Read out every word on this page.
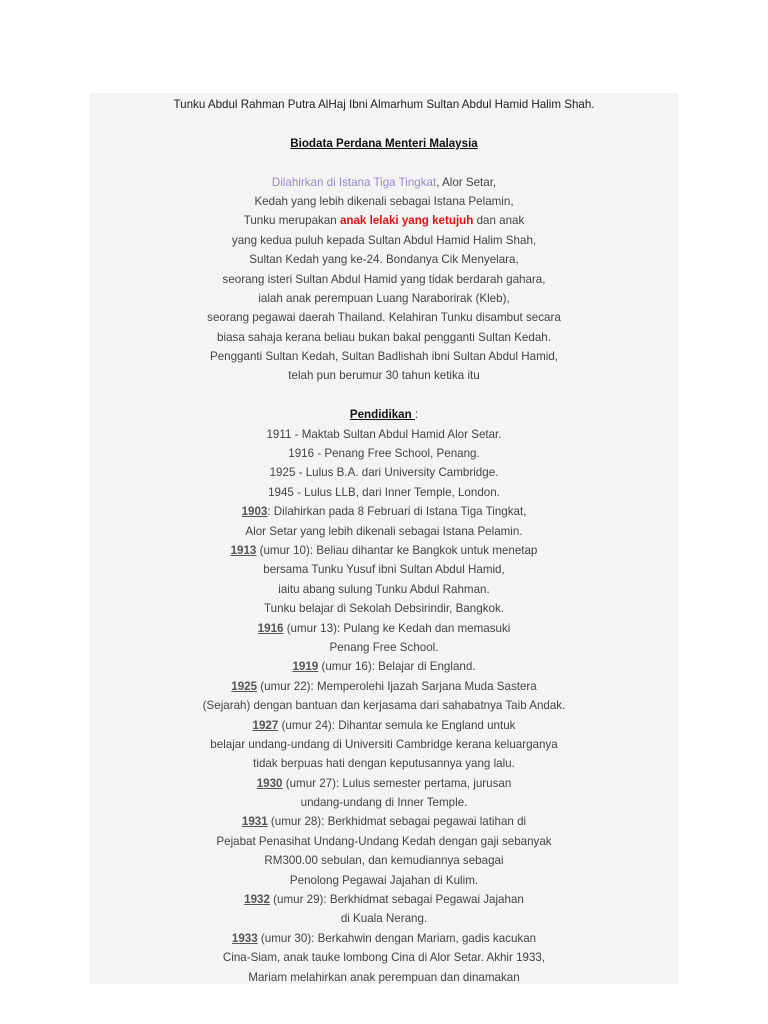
Tunku Abdul Rahman Putra AlHaj Ibni Almarhum Sultan Abdul Hamid Halim Shah.
Biodata Perdana Menteri Malaysia
Dilahirkan di Istana Tiga Tingkat, Alor Setar,
Kedah yang lebih dikenali sebagai Istana Pelamin,
Tunku merupakan anak lelaki yang ketujuh dan anak
yang kedua puluh kepada Sultan Abdul Hamid Halim Shah,
Sultan Kedah yang ke-24. Bondanya Cik Menyelara,
seorang isteri Sultan Abdul Hamid yang tidak berdarah gahara,
ialah anak perempuan Luang Naraborirak (Kleb),
seorang pegawai daerah Thailand. Kelahiran Tunku disambut secara
biasa sahaja kerana beliau bukan bakal pengganti Sultan Kedah.
Pengganti Sultan Kedah, Sultan Badlishah ibni Sultan Abdul Hamid,
telah pun berumur 30 tahun ketika itu
Pendidikan :
1911 - Maktab Sultan Abdul Hamid Alor Setar.
1916 - Penang Free School, Penang.
1925 - Lulus B.A. dari University Cambridge.
1945 - Lulus LLB, dari Inner Temple, London.
1903: Dilahirkan pada 8 Februari di Istana Tiga Tingkat,
Alor Setar yang lebih dikenali sebagai Istana Pelamin.
1913 (umur 10): Beliau dihantar ke Bangkok untuk menetap
bersama Tunku Yusuf ibni Sultan Abdul Hamid,
iaitu abang sulung Tunku Abdul Rahman.
Tunku belajar di Sekolah Debsirindir, Bangkok.
1916 (umur 13): Pulang ke Kedah dan memasuki
Penang Free School.
1919 (umur 16): Belajar di England.
1925 (umur 22): Memperolehi Ijazah Sarjana Muda Sastera
(Sejarah) dengan bantuan dan kerjasama dari sahabatnya Taib Andak.
1927 (umur 24): Dihantar semula ke England untuk
belajar undang-undang di Universiti Cambridge kerana keluarganya
tidak berpuas hati dengan keputusannya yang lalu.
1930 (umur 27): Lulus semester pertama, jurusan
undang-undang di Inner Temple.
1931 (umur 28): Berkhidmat sebagai pegawai latihan di
Pejabat Penasihat Undang-Undang Kedah dengan gaji sebanyak
RM300.00 sebulan, dan kemudiannya sebagai
Penolong Pegawai Jajahan di Kulim.
1932 (umur 29): Berkhidmat sebagai Pegawai Jajahan
di Kuala Nerang.
1933 (umur 30): Berkahwin dengan Mariam, gadis kacukan
Cina-Siam, anak tauke lombong Cina di Alor Setar. Akhir 1933,
Mariam melahirkan anak perempuan dan dinamakan
